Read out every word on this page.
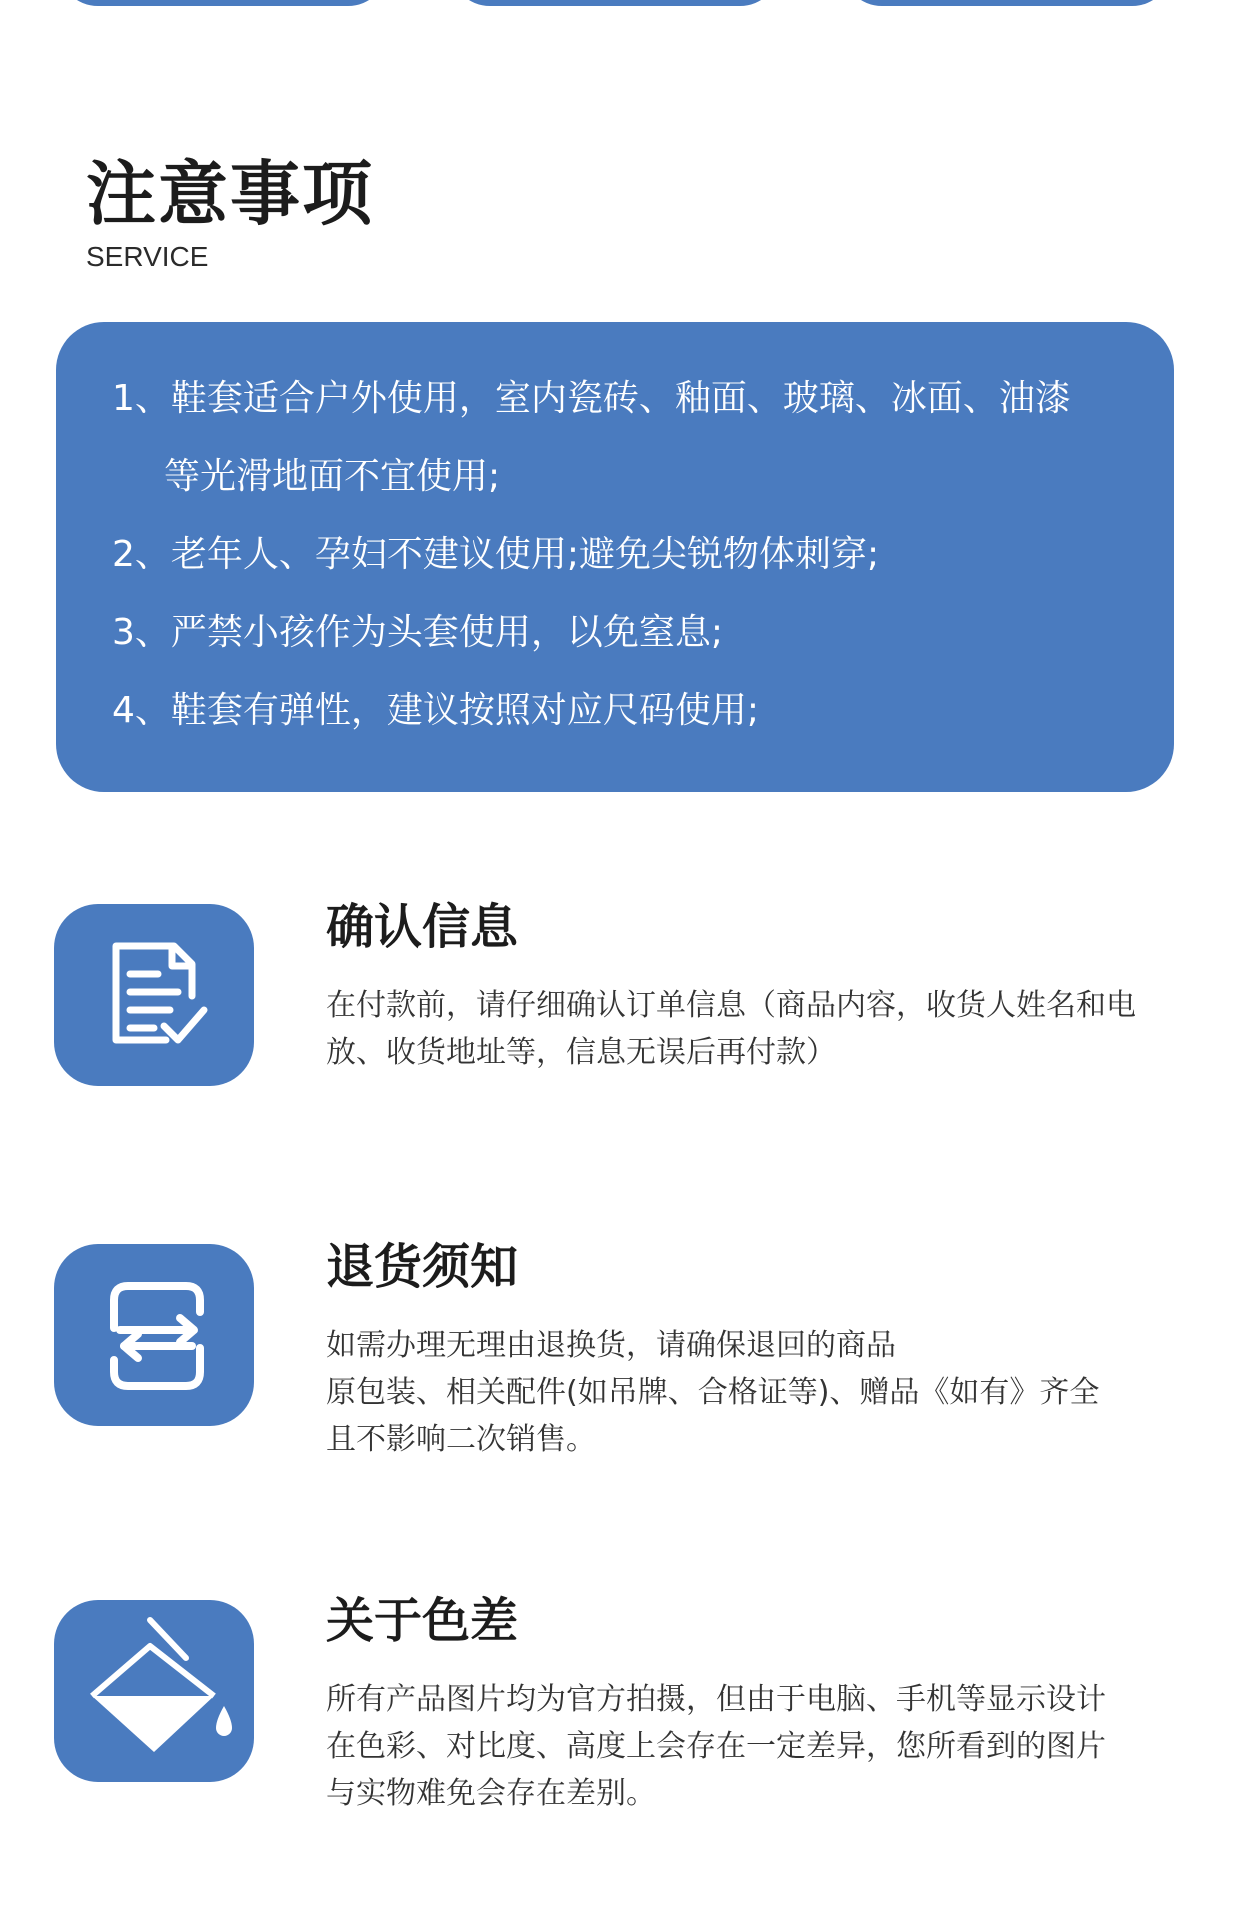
注意事项
SERVICE
1、鞋套适合户外使用，室内瓷砖、釉面、玻璃、冰面、油漆
等光滑地面不宜使用;
2、老年人、孕妇不建议使用;避免尖锐物体刺穿;
3、严禁小孩作为头套使用，以免窒息;
4、鞋套有弹性，建议按照对应尺码使用;
确认信息
在付款前，请仔细确认订单信息（商品内容，收货人姓名和电
放、收货地址等，信息无误后再付款）
退货须知
如需办理无理由退换货，请确保退回的商品
原包装、相关配件(如吊牌、合格证等)、赠品《如有》齐全
且不影响二次销售。
关于色差
所有产品图片均为官方拍摄，但由于电脑、手机等显示设计
在色彩、对比度、高度上会存在一定差异，您所看到的图片
与实物难免会存在差别。
